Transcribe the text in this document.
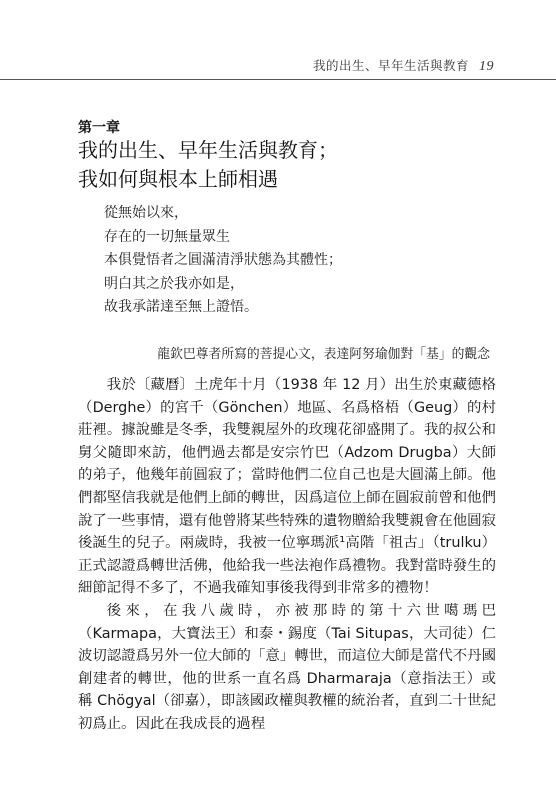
我的出生、早年生活與教育 19
第一章
我的出生、早年生活與教育；
我如何與根本上師相遇
從無始以來，
存在的一切無量眾生
本俱覺悟者之圓滿清淨狀態為其體性；
明白其之於我亦如是，
故我承諾達至無上證悟。
龍欽巴尊者所寫的菩提心文，表達阿努瑜伽對「基」的觀念

我於〔藏曆〕土虎年十月（1938 年 12 月）出生於東藏德格（Derghe）的宮千（Gönchen）地區、名爲格梧（Geug）的村莊裡。據說雖是冬季，我雙親屋外的玫瑰花卻盛開了。我的叔公和舅父隨即來訪，他們過去都是安宗竹巴（Adzom Drugba）大師的弟子，他幾年前圓寂了；當時他們二位自己也是大圓滿上師。他們都堅信我就是他們上師的轉世，因爲這位上師在圓寂前曾和他們說了一些事情，還有他曾將某些特殊的遺物贈給我雙親會在他圓寂後誕生的兒子。兩歲時，我被一位寧瑪派¹高階「祖古」（trulku）正式認證爲轉世活佛，他給我一些法袍作爲禮物。我對當時發生的細節記得不多了，不過我確知事後我得到非常多的禮物！

後來，在我八歲時，亦被那時的第十六世噶瑪巴（Karmapa，大寶法王）和泰・錫度（Tai Situpas，大司徒）仁波切認證爲另外一位大師的「意」轉世，而這位大師是當代不丹國創建者的轉世，他的世系一直名爲 Dharmaraja（意指法王）或稱 Chögyal（卻嘉），即該國政權與教權的統治者，直到二十世紀初爲止。因此在我成長的過程
